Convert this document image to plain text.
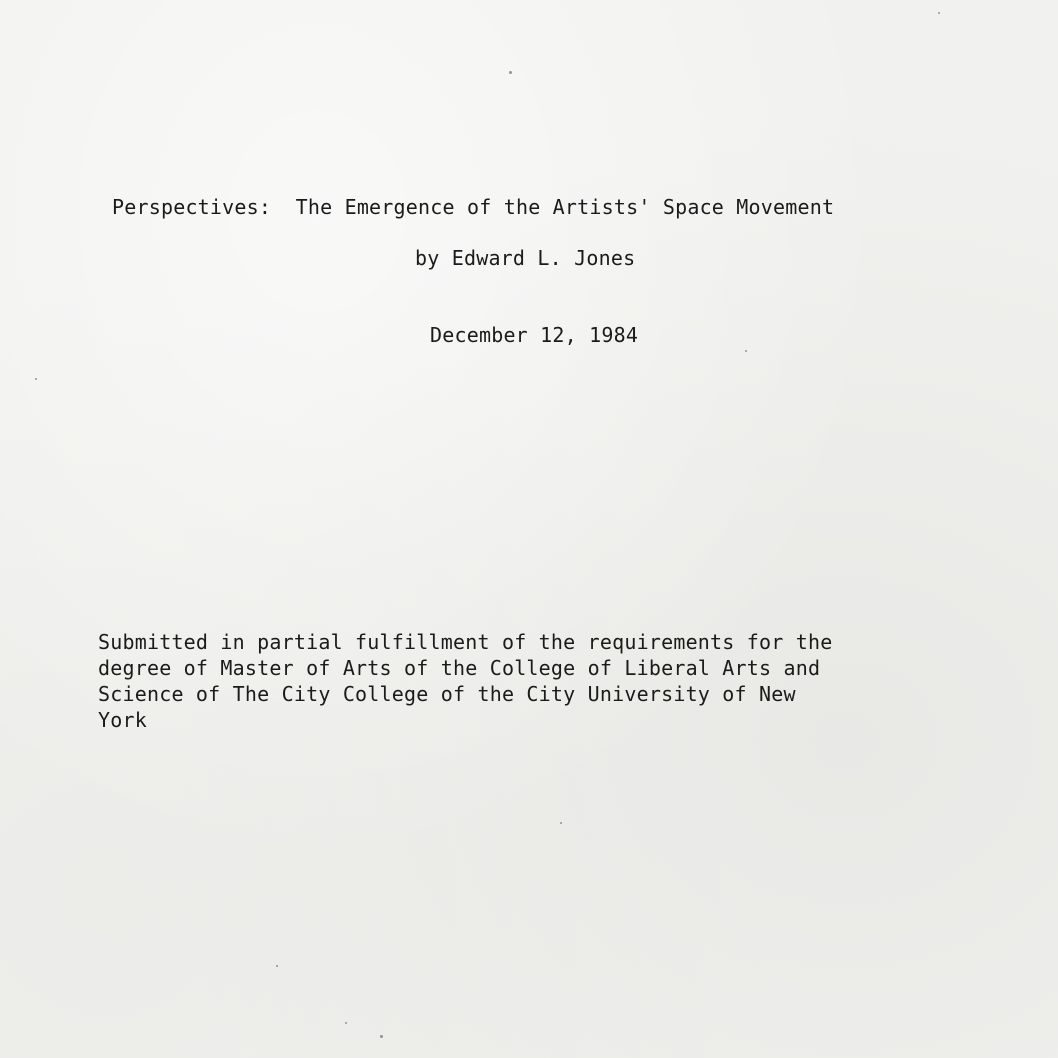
Perspectives:  The Emergence of the Artists' Space Movement
by Edward L. Jones
December 12, 1984
Submitted in partial fulfillment of the requirements for the
degree of Master of Arts of the College of Liberal Arts and
Science of The City College of the City University of New
York
